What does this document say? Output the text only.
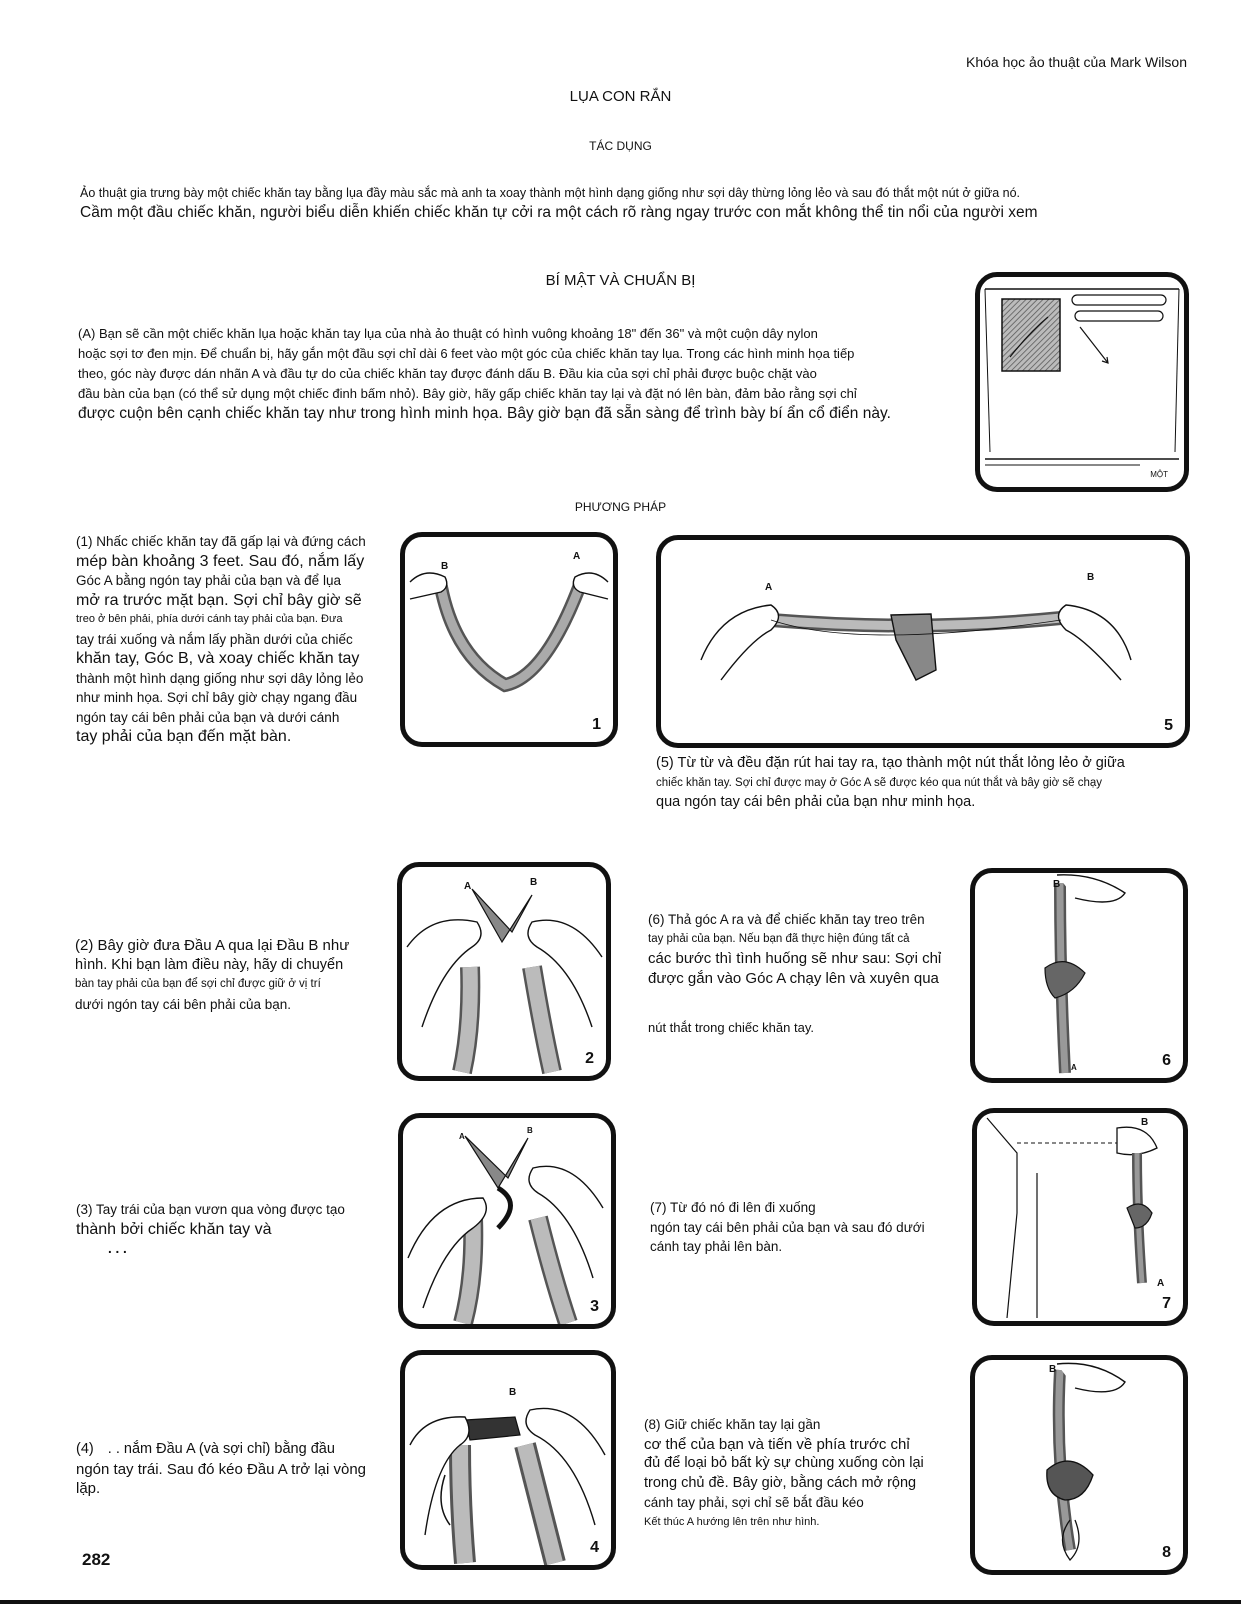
Khóa học ảo thuật của Mark Wilson
LỤA CON RẮN
TÁC DỤNG
Ảo thuật gia trưng bày một chiếc khăn tay bằng lụa đầy màu sắc mà anh ta xoay thành một hình dạng giống như sợi dây thừng lỏng lẻo và sau đó thắt một nút ở giữa nó.
Cầm một đầu chiếc khăn, người biểu diễn khiến chiếc khăn tự cởi ra một cách rõ ràng ngay trước con mắt không thể tin nổi của người xem
BÍ MẬT VÀ CHUẨN BỊ
(A) Bạn sẽ cần một chiếc khăn lụa hoặc khăn tay lụa của nhà ảo thuật có hình vuông khoảng 18" đến 36" và một cuộn dây nylon
hoặc sợi tơ đen mịn. Để chuẩn bị, hãy gắn một đầu sợi chỉ dài 6 feet vào một góc của chiếc khăn tay lụa. Trong các hình minh họa tiếp
theo, góc này được dán nhãn A và đầu tự do của chiếc khăn tay được đánh dấu B. Đầu kia của sợi chỉ phải được buộc chặt vào
đầu bàn của bạn (có thể sử dụng một chiếc đinh bấm nhỏ). Bây giờ, hãy gấp chiếc khăn tay lại và đặt nó lên bàn, đảm bảo rằng sợi chỉ
được cuộn bên cạnh chiếc khăn tay như trong hình minh họa. Bây giờ bạn đã sẵn sàng để trình bày bí ẩn cổ điển này.
MỘT
PHƯƠNG PHÁP
(1) Nhấc chiếc khăn tay đã gấp lại và đứng cách
mép bàn khoảng 3 feet. Sau đó, nắm lấy
Góc A bằng ngón tay phải của bạn và để lụa
mở ra trước mặt bạn. Sợi chỉ bây giờ sẽ
treo ở bên phải, phía dưới cánh tay phải của bạn. Đưa
tay trái xuống và nắm lấy phần dưới của chiếc
khăn tay, Góc B, và xoay chiếc khăn tay
thành một hình dạng giống như sợi dây lỏng lẻo
như minh họa. Sợi chỉ bây giờ chạy ngang đầu
ngón tay cái bên phải của bạn và dưới cánh
tay phải của bạn đến mặt bàn.
B
A
1
A
B
5
(5) Từ từ và đều đặn rút hai tay ra, tạo thành một nút thắt lỏng lẻo ở giữa
chiếc khăn tay. Sợi chỉ được may ở Góc A sẽ được kéo qua nút thắt và bây giờ sẽ chạy
qua ngón tay cái bên phải của bạn như minh họa.
(2) Bây giờ đưa Đầu A qua lại Đầu B như
hình. Khi bạn làm điều này, hãy di chuyển
bàn tay phải của bạn để sợi chỉ được giữ ở vị trí
dưới ngón tay cái bên phải của bạn.
A	B
2
(6) Thả góc A ra và để chiếc khăn tay treo trên
tay phải của bạn. Nếu bạn đã thực hiện đúng tất cả
các bước thì tình huống sẽ như sau: Sợi chỉ
được gắn vào Góc A chạy lên và xuyên qua
nút thắt trong chiếc khăn tay.
B
A	6
(3) Tay trái của bạn vươn qua vòng được tạo
thành bởi chiếc khăn tay và
. . .
A
B
3
(7) Từ đó nó đi lên đi xuống
ngón tay cái bên phải của bạn và sau đó dưới
cánh tay phải lên bàn.
B
A
7
(4) . . nắm Đầu A (và sợi chỉ) bằng đầu
ngón tay trái. Sau đó kéo Đầu A trở lại vòng
lặp.
B
4
(8) Giữ chiếc khăn tay lại gần
cơ thể của bạn và tiến về phía trước chỉ
đủ để loại bỏ bất kỳ sự chùng xuống còn lại
trong chủ đề. Bây giờ, bằng cách mở rộng
cánh tay phải, sợi chỉ sẽ bắt đầu kéo
Kết thúc A hướng lên trên như hình.
B
8
282
